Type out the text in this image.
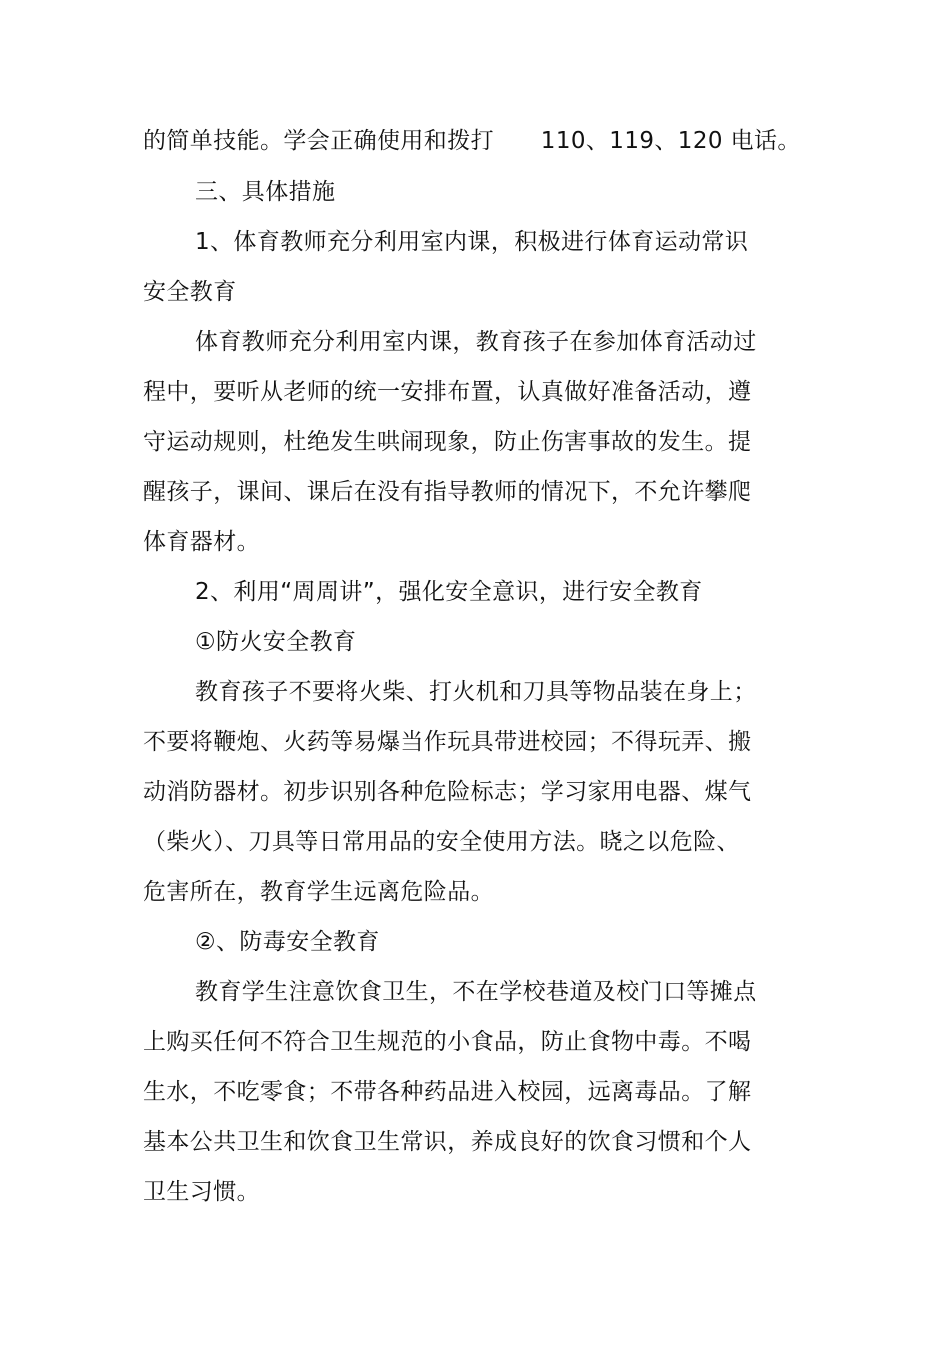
的简单技能。学会正确使用和拨打　　110、119、120 电话。
三、具体措施
1、体育教师充分利用室内课，积极进行体育运动常识
安全教育
体育教师充分利用室内课，教育孩子在参加体育活动过
程中，要听从老师的统一安排布置，认真做好准备活动，遵
守运动规则，杜绝发生哄闹现象，防止伤害事故的发生。提
醒孩子，课间、课后在没有指导教师的情况下，不允许攀爬
体育器材。
2、利用“周周讲”，强化安全意识，进行安全教育
①防火安全教育
教育孩子不要将火柴、打火机和刀具等物品装在身上；
不要将鞭炮、火药等易爆当作玩具带进校园；不得玩弄、搬
动消防器材。初步识别各种危险标志；学习家用电器、煤气
（柴火）、刀具等日常用品的安全使用方法。晓之以危险、
危害所在，教育学生远离危险品。
②、防毒安全教育
教育学生注意饮食卫生，不在学校巷道及校门口等摊点
上购买任何不符合卫生规范的小食品，防止食物中毒。不喝
生水，不吃零食；不带各种药品进入校园，远离毒品。了解
基本公共卫生和饮食卫生常识，养成良好的饮食习惯和个人
卫生习惯。
